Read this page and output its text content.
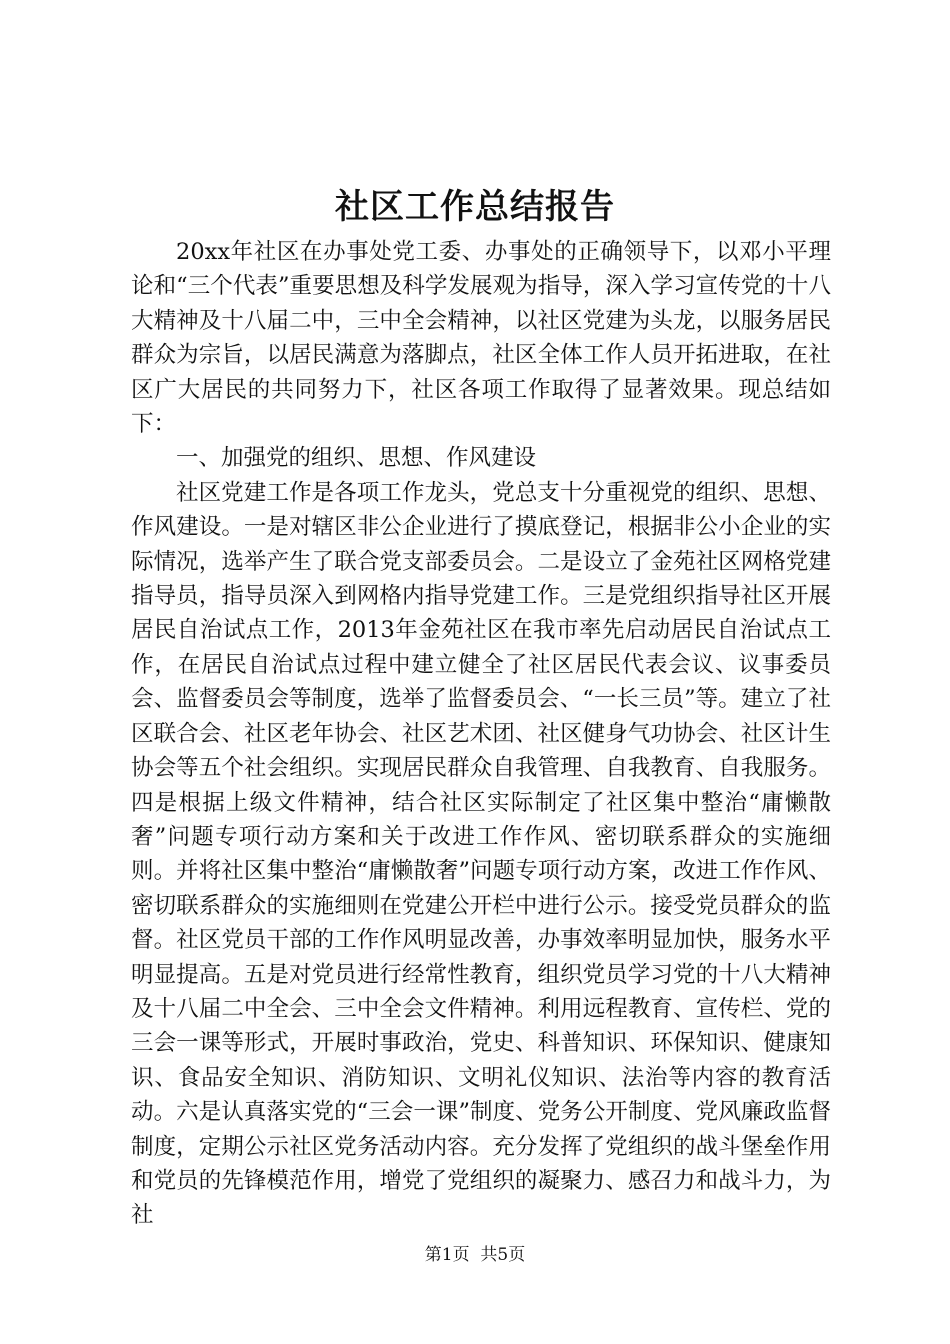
社区工作总结报告

20xx年社区在办事处党工委、办事处的正确领导下，以邓小平理论和“三个代表”重要思想及科学发展观为指导，深入学习宣传党的十八大精神及十八届二中，三中全会精神，以社区党建为头龙，以服务居民群众为宗旨，以居民满意为落脚点，社区全体工作人员开拓进取，在社区广大居民的共同努力下，社区各项工作取得了显著效果。现总结如下：

一、加强党的组织、思想、作风建设

社区党建工作是各项工作龙头，党总支十分重视党的组织、思想、作风建设。一是对辖区非公企业进行了摸底登记，根据非公小企业的实际情况，选举产生了联合党支部委员会。二是设立了金苑社区网格党建指导员，指导员深入到网格内指导党建工作。三是党组织指导社区开展居民自治试点工作，2013年金苑社区在我市率先启动居民自治试点工作，在居民自治试点过程中建立健全了社区居民代表会议、议事委员会、监督委员会等制度，选举了监督委员会、“一长三员”等。建立了社区联合会、社区老年协会、社区艺术团、社区健身气功协会、社区计生协会等五个社会组织。实现居民群众自我管理、自我教育、自我服务。四是根据上级文件精神，结合社区实际制定了社区集中整治“庸懒散奢”问题专项行动方案和关于改进工作作风、密切联系群众的实施细则。并将社区集中整治“庸懒散奢”问题专项行动方案，改进工作作风、密切联系群众的实施细则在党建公开栏中进行公示。接受党员群众的监督。社区党员干部的工作作风明显改善，办事效率明显加快，服务水平明显提高。五是对党员进行经常性教育，组织党员学习党的十八大精神及十八届二中全会、三中全会文件精神。利用远程教育、宣传栏、党的三会一课等形式，开展时事政治，党史、科普知识、环保知识、健康知识、食品安全知识、消防知识、文明礼仪知识、法治等内容的教育活动。六是认真落实党的“三会一课”制度、党务公开制度、党风廉政监督制度，定期公示社区党务活动内容。充分发挥了党组织的战斗堡垒作用和党员的先锋模范作用，增党了党组织的凝聚力、感召力和战斗力，为社

第1页 共5页
